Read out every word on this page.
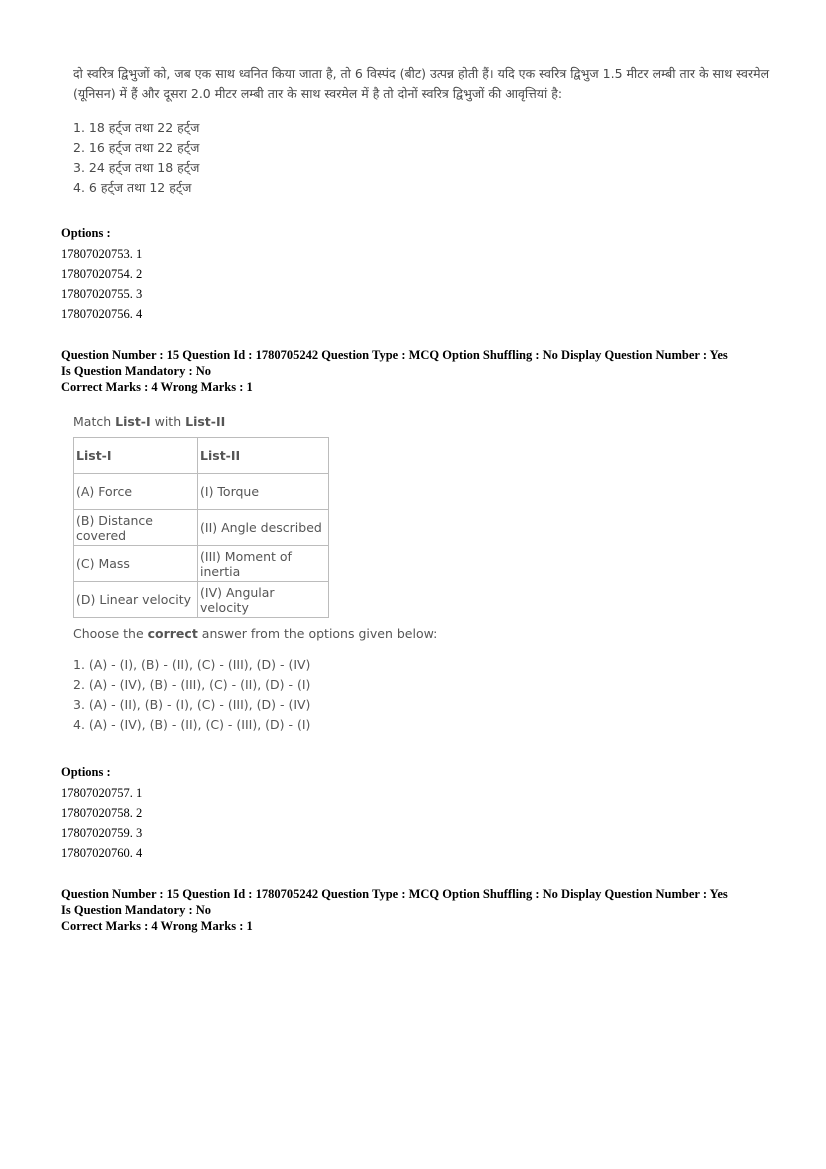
दो स्वरित्र द्विभुजों को, जब एक साथ ध्वनित किया जाता है, तो 6 विस्पंद (बीट) उत्पन्न होती हैं। यदि एक स्वरित्र द्विभुज 1.5 मीटर लम्बी तार के साथ स्वरमेल (यूनिसन) में हैं और दूसरा 2.0 मीटर लम्बी तार के साथ स्वरमेल में है तो दोनों स्वरित्र द्विभुजों की आवृत्तियां है:

1. 18 हर्ट्ज तथा 22 हर्ट्ज

2. 16 हर्ट्ज तथा 22 हर्ट्ज

3. 24 हर्ट्ज तथा 18 हर्ट्ज

4. 6 हर्ट्ज तथा 12 हर्ट्ज

Options :
17807020753. 1
17807020754. 2
17807020755. 3
17807020756. 4
Question Number : 15 Question Id : 1780705242 Question Type : MCQ Option Shuffling : No Display Question Number : Yes
Is Question Mandatory : No
Correct Marks : 4 Wrong Marks : 1

Match List-I with List-II

List-I	List-II
(A) Force	(I) Torque
(B) Distance covered	(II) Angle described
(C) Mass	(III) Moment of inertia
(D) Linear velocity	(IV) Angular velocity

Choose the correct answer from the options given below:

1. (A) - (I), (B) - (II), (C) - (III), (D) - (IV)

2. (A) - (IV), (B) - (III), (C) - (II), (D) - (I)

3. (A) - (II), (B) - (I), (C) - (III), (D) - (IV)

4. (A) - (IV), (B) - (II), (C) - (III), (D) - (I)

Options :
17807020757. 1
17807020758. 2
17807020759. 3
17807020760. 4
Question Number : 15 Question Id : 1780705242 Question Type : MCQ Option Shuffling : No Display Question Number : Yes
Is Question Mandatory : No
Correct Marks : 4 Wrong Marks : 1
